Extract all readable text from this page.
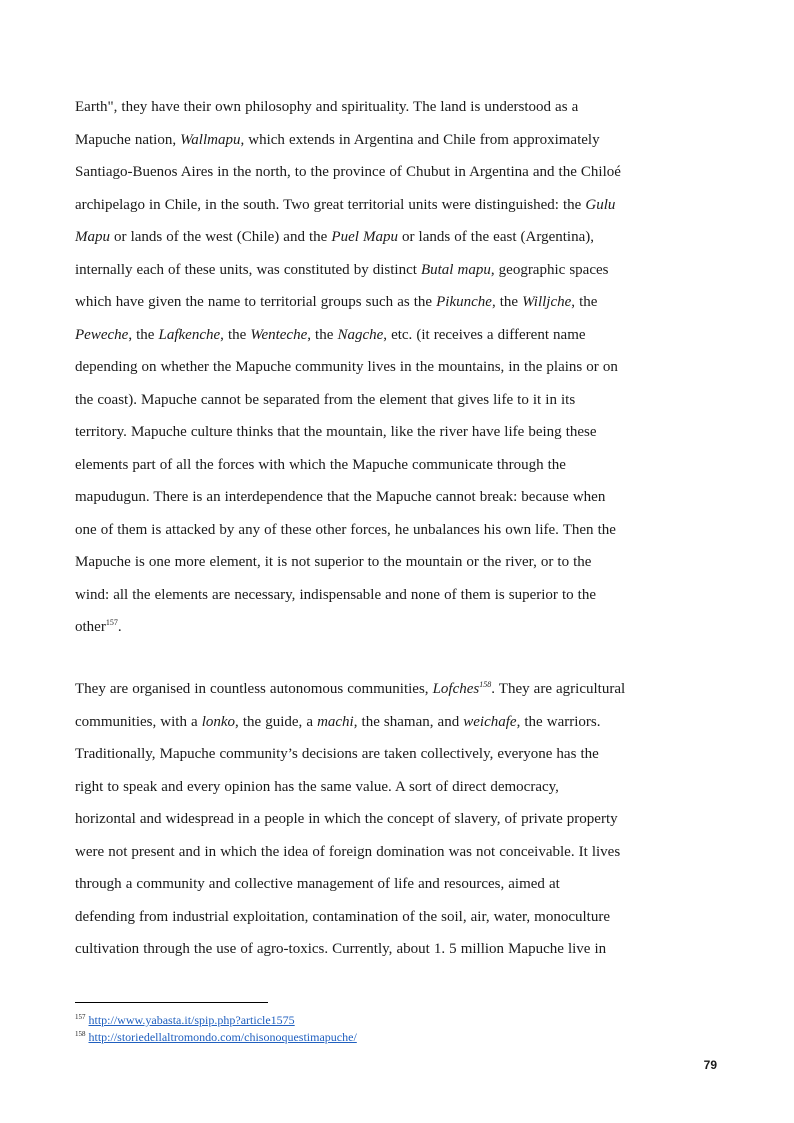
Earth", they have their own philosophy and spirituality. The land is understood as a
Mapuche nation, Wallmapu, which extends in Argentina and Chile from approximately
Santiago-Buenos Aires in the north, to the province of Chubut in Argentina and the Chiloé
archipelago in Chile, in the south. Two great territorial units were distinguished: the Gulu
Mapu or lands of the west (Chile) and the Puel Mapu or lands of the east (Argentina),
internally each of these units, was constituted by distinct Butal mapu, geographic spaces
which have given the name to territorial groups such as the Pikunche, the Willjche, the
Peweche, the Lafkenche, the Wenteche, the Nagche, etc. (it receives a different name
depending on whether the Mapuche community lives in the mountains, in the plains or on
the coast). Mapuche cannot be separated from the element that gives life to it in its
territory. Mapuche culture thinks that the mountain, like the river have life being these
elements part of all the forces with which the Mapuche communicate through the
mapudugun. There is an interdependence that the Mapuche cannot break: because when
one of them is attacked by any of these other forces, he unbalances his own life. Then the
Mapuche is one more element, it is not superior to the mountain or the river, or to the
wind: all the elements are necessary, indispensable and none of them is superior to the
other$^{157}$.
They are organised in countless autonomous communities, Lofches$^{158}$. They are agricultural
communities, with a lonko, the guide, a machi, the shaman, and weichafe, the warriors.
Traditionally, Mapuche community’s decisions are taken collectively, everyone has the
right to speak and every opinion has the same value. A sort of direct democracy,
horizontal and widespread in a people in which the concept of slavery, of private property
were not present and in which the idea of foreign domination was not conceivable. It lives
through a community and collective management of life and resources, aimed at
defending from industrial exploitation, contamination of the soil, air, water, monoculture
cultivation through the use of agro-toxics. Currently, about 1. 5 million Mapuche live in
$^{157}$ http://www.yabasta.it/spip.php?article1575
$^{158}$ http://storiedellaltromondo.com/chisonoquestimapuche/
79
